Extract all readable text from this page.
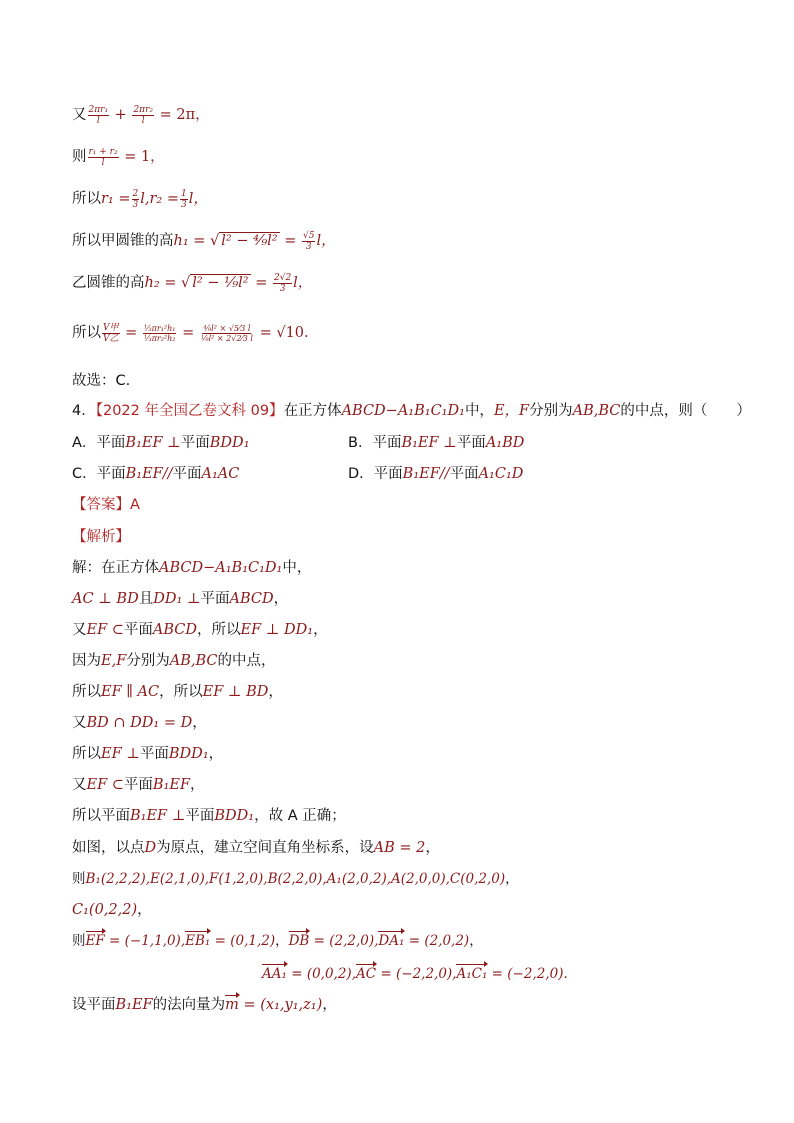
又 $\frac{\text{2πr₁}}{l} + \frac{\text{2πr₂}}{l} = 2\pi$，
则 $\frac{\text{r₁ + r₂}}{l} = 1$，
所以$r_1 = \frac{2}{3} l,r_2 = \frac{1}{3}$ l，
所以甲圆锥的高h₁ = √ l² − ⁴⁄₉l² = $\frac{√5}{3}$ l，
乙圆锥的高h₂ = √ l² − ¹⁄₉l² = $\frac{2√2}{3}$ l，
所以 $\frac{\text{V甲}}{\text{V乙}} = \frac{\text{⅓πr₁²h₁}}{\text{⅓πr₂²h₂}} = \frac{\text{⁴⁄₉l² × √5⁄3 l}}{\text{¹⁄₉l² × 2√2⁄3 l}} = √10$.
故选：C.
4．【2022 年全国乙卷文科 09】在正方体ABCD−A₁B₁C₁D₁中，E，F分别为AB,BC的中点，则（　　）
A．平面B₁EF ⊥平面BDD₁	B．平面B₁EF ⊥平面A₁BD
C．平面B₁EF//平面A₁AC	D．平面B₁EF//平面A₁C₁D
【答案】A
【解析】
解：在正方体ABCD−A₁B₁C₁D₁中，
AC ⊥ BD且DD₁ ⊥平面ABCD，
又EF ⊂平面ABCD，所以EF ⊥ DD₁，
因为E,F分别为AB,BC的中点，
所以EF ∥ AC，所以EF ⊥ BD，
又BD ∩ DD₁ = D，
所以EF ⊥平面BDD₁，
又EF ⊂平面B₁EF，
所以平面B₁EF ⊥平面BDD₁，故 A 正确；
如图，以点D为原点，建立空间直角坐标系，设AB = 2，
则B₁(2,2,2),E(2,1,0),F(1,2,0),B(2,2,0),A₁(2,0,2),A(2,0,0),C(0,2,0)，
C₁(0,2,2)，
则EF = (−1,1,0),EB₁ = (0,1,2)，DB = (2,2,0),DA₁ = (2,0,2)，
AA₁ = (0,0,2),AC = (−2,2,0),A₁C₁ = (−2,2,0).
设平面B₁EF的法向量为m = (x₁,y₁,z₁)，
